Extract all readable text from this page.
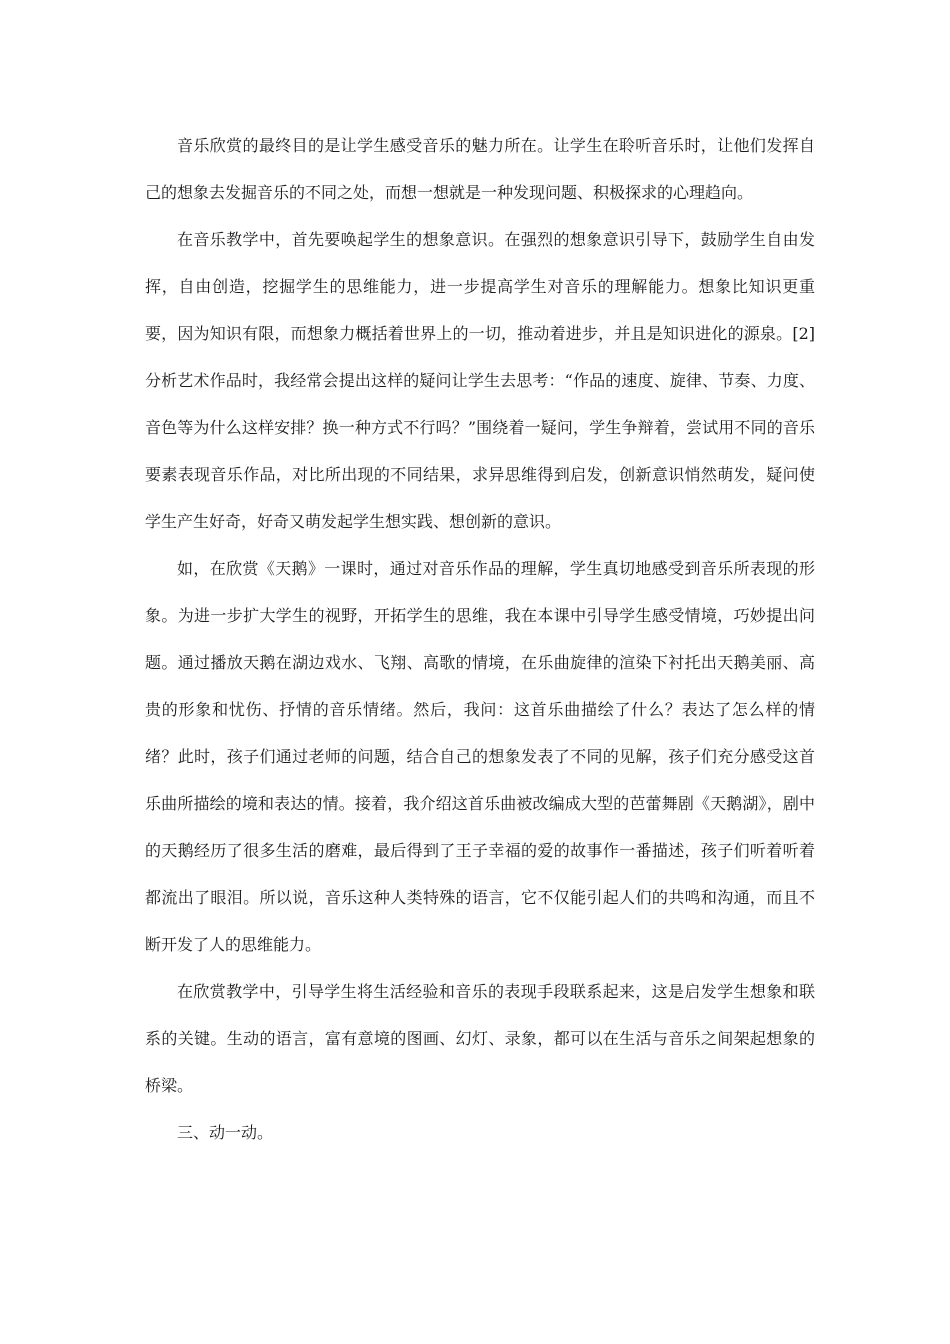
音乐欣赏的最终目的是让学生感受音乐的魅力所在。让学生在聆听音乐时，让他们发挥自己的想象去发掘音乐的不同之处，而想一想就是一种发现问题、积极探求的心理趋向。

在音乐教学中，首先要唤起学生的想象意识。在强烈的想象意识引导下，鼓励学生自由发挥，自由创造，挖掘学生的思维能力，进一步提高学生对音乐的理解能力。想象比知识更重要，因为知识有限，而想象力概括着世界上的一切，推动着进步，并且是知识进化的源泉。[2]分析艺术作品时，我经常会提出这样的疑问让学生去思考：“作品的速度、旋律、节奏、力度、音色等为什么这样安排？换一种方式不行吗？”围绕着一疑问，学生争辩着，尝试用不同的音乐要素表现音乐作品，对比所出现的不同结果，求异思维得到启发，创新意识悄然萌发，疑问使学生产生好奇，好奇又萌发起学生想实践、想创新的意识。

如，在欣赏《天鹅》一课时，通过对音乐作品的理解，学生真切地感受到音乐所表现的形象。为进一步扩大学生的视野，开拓学生的思维，我在本课中引导学生感受情境，巧妙提出问题。通过播放天鹅在湖边戏水、飞翔、高歌的情境，在乐曲旋律的渲染下衬托出天鹅美丽、高贵的形象和忧伤、抒情的音乐情绪。然后，我问：这首乐曲描绘了什么？表达了怎么样的情绪？此时，孩子们通过老师的问题，结合自己的想象发表了不同的见解，孩子们充分感受这首乐曲所描绘的境和表达的情。接着，我介绍这首乐曲被改编成大型的芭蕾舞剧《天鹅湖》，剧中的天鹅经历了很多生活的磨难，最后得到了王子幸福的爱的故事作一番描述，孩子们听着听着都流出了眼泪。所以说，音乐这种人类特殊的语言，它不仅能引起人们的共鸣和沟通，而且不断开发了人的思维能力。

在欣赏教学中，引导学生将生活经验和音乐的表现手段联系起来，这是启发学生想象和联系的关键。生动的语言，富有意境的图画、幻灯、录象，都可以在生活与音乐之间架起想象的桥梁。

三、动一动。
